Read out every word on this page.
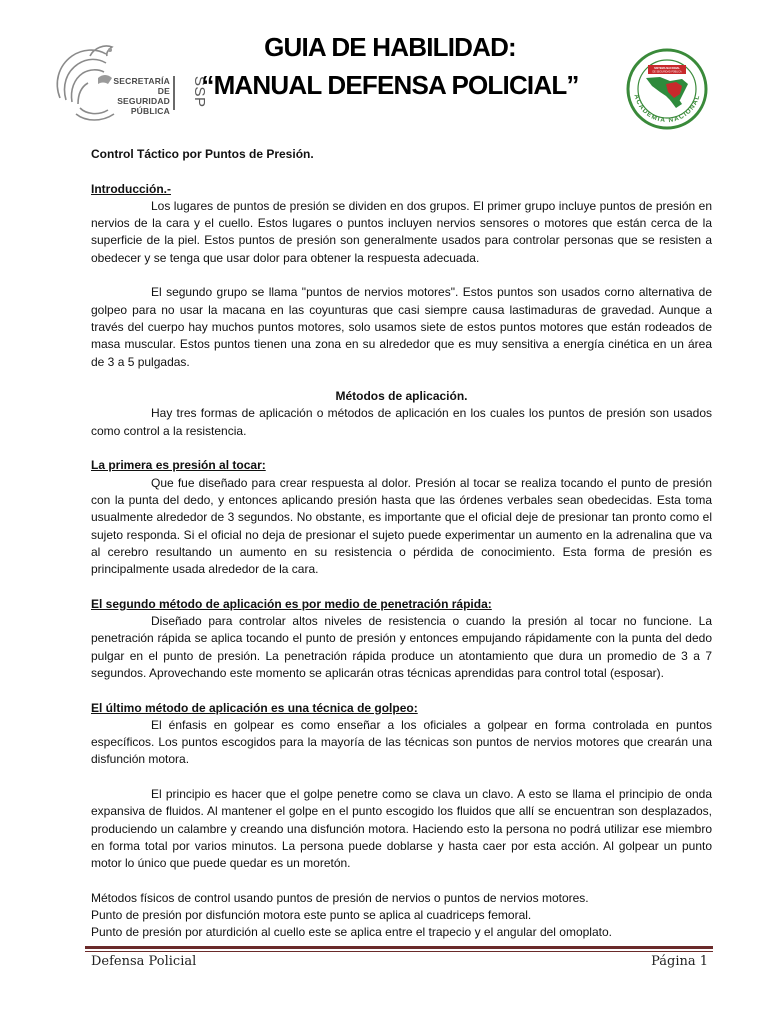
SECRETARÍA DE
SEGURIDAD
PÚBLICA
SSP
GUIA DE HABILIDAD:
“MANUAL DEFENSA POLICIAL”	ACADEMIA NACIONAL
SISTEMA NACIONAL
DE SEGURIDAD PÚBLICA

Control Táctico por Puntos de Presión.

Introducción.-

Los lugares de puntos de presión se dividen en dos grupos. El primer grupo incluye puntos de presión en nervios de la cara y el cuello. Estos lugares o puntos incluyen nervios sensores o motores que están cerca de la superficie de la piel. Estos puntos de presión son generalmente usados para controlar personas que se resisten a obedecer y se tenga que usar dolor para obtener la respuesta adecuada.

El segundo grupo se llama "puntos de nervios motores". Estos puntos son usados corno alternativa de golpeo para no usar la macana en las coyunturas que casi siempre causa lastimaduras de gravedad. Aunque a través del cuerpo hay muchos puntos motores, solo usamos siete de estos puntos motores que están rodeados de masa muscular. Estos puntos tienen una zona en su alrededor que es muy sensitiva a energía cinética en un área de 3 a 5 pulgadas.

Métodos de aplicación.

Hay tres formas de aplicación o métodos de aplicación en los cuales los puntos de presión son usados como control a la resistencia.

La primera es presión al tocar:

Que fue diseñado para crear respuesta al dolor. Presión al tocar se realiza tocando el punto de presión con la punta del dedo, y entonces aplicando presión hasta que las órdenes verbales sean obedecidas. Esta toma usualmente alrededor de 3 segundos. No obstante, es importante que el oficial deje de presionar tan pronto como el sujeto responda. Si el oficial no deja de presionar el sujeto puede experimentar un aumento en la adrenalina que va al cerebro resultando un aumento en su resistencia o pérdida de conocimiento. Esta forma de presión es principalmente usada alrededor de la cara.

El segundo método de aplicación es por medio de penetración rápida:

Diseñado para controlar altos niveles de resistencia o cuando la presión al tocar no funcione. La penetración rápida se aplica tocando el punto de presión y entonces empujando rápidamente con la punta del dedo pulgar en el punto de presión. La penetración rápida produce un atontamiento que dura un promedio de 3 a 7 segundos. Aprovechando este momento se aplicarán otras técnicas aprendidas para control total (esposar).

El último método de aplicación es una técnica de golpeo:

El énfasis en golpear es como enseñar a los oficiales a golpear en forma controlada en puntos específicos. Los puntos escogidos para la mayoría de las técnicas son puntos de nervios motores que crearán una disfunción motora.

El principio es hacer que el golpe penetre como se clava un clavo. A esto se llama el principio de onda expansiva de fluidos. Al mantener el golpe en el punto escogido los fluidos que allí se encuentran son desplazados, produciendo un calambre y creando una disfunción motora. Haciendo esto la persona no podrá utilizar ese miembro en forma total por varios minutos. La persona puede doblarse y hasta caer por esta acción. Al golpear un punto motor lo único que puede quedar es un moretón.

Métodos físicos de control usando puntos de presión de nervios o puntos de nervios motores.

Punto de presión por disfunción motora este punto se aplica al cuadriceps femoral.

Punto de presión por aturdición al cuello este se aplica entre el trapecio y el angular del omoplato.

Defensa Policial	Página 1
